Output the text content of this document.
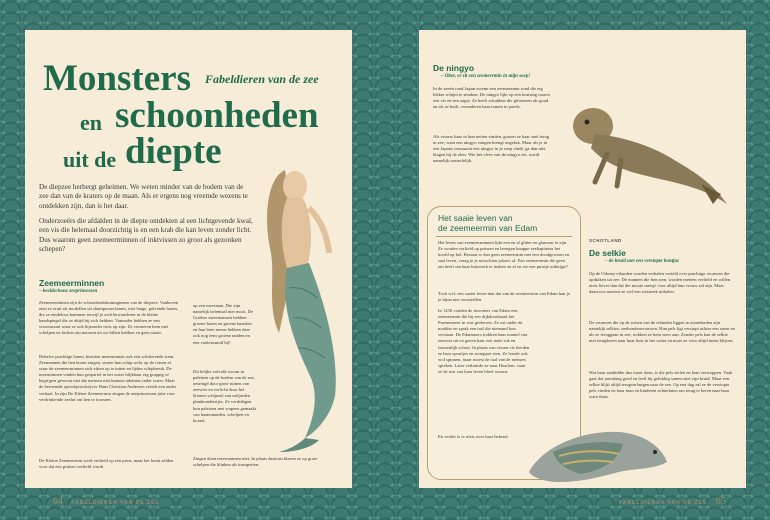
Monsters Fabeldieren van de zee
en schoonheden
uit de diepte

De diepzee herbergt geheimen. We weten minder van de bodem van de zee dan van de kraters op de maan. Als er ergens nog vreemde wezens te ontdekken zijn, dan is het daar.

Onderzoeërs die afdalden in de diepte ontdekten al een lichtgevende kwal, een vis die helemaal doorzichtig is en een krab die kan leven zonder licht. Dus waarom geen zeemeerminnen of inktvissen zo groot als gezonken schepen?

Zeemeerminnen
– beeldschone zeeprinsessen

Zeemeerminnen zijn de schoonheidskoninginnen van de diepzee. Vanboven zien ze eruit als modellen uit shampooreclames, met lange, golvende haren, die ze eindeloos kammen terwijl je zich bewonderen in de kleine handspiegel die ze altijd bij zich hebben. Vanonder hebben ze een vissenstaart waar ze ook bijzonder trots op zijn. Ze vermeren hem met schelpen en lachen om mensen uit we billen hebben en geen staart.

Behalve prachtige haren, bezitten meerminnen ook een schitterende stem. Zeemannen die hen horen zingen, sturen hun schip recht op de rotsen af waar de zeemeerminnen zich zitten op te tuiten en lijden schipbreuk. De meerminnen vinden hun gespartel in het water blijkbaar erg grappig of begrijpen gewoon niet dat mensen niet kunnen ademen onder water. Maar de beroemde sprookjesschrijver Hans Christian Andersen vertelt een ander verhaal. In zijn De Kleine Zeemeermin zingen de zeeprinsessen juist voor verdrinkende zeelui om hen te troosten.

De Kleine Zeemeermin werd verliefd op een prins, maar het komt zelden voor dat een prinses verliefd wordt

op een meerman. Die zijn namelijk helemaal niet mooi. De Griekse meermannen hebben groene haren en groene baarden en hun bree neven hebben daar ook nog eens groene tanden en een varkensmuil bij!

Dit lelijke volvolk woont in paleizen op de bodem van de zee, omringd door grote tuinen van zeewier en verlicht door het blauwe schijnsel van miljarden planktondiertjes. Ze verdedigen hun paleizen met wapens gemaakt van haaientanden, schelpen en koraal.

Zingen doen meermannen niet. In plaats daarvan blazen ze op grote schelpen die klinken als trompetten.

64 FABELDIEREN VAN DE ZEE
De ningyo
– Ober, er zit een zeemeermin in mijn soep!

In de zeeën rond Japan zwemt een zeemeermin rond die erg lekker schijnt te smaken. De ningyo lijkt op een kruising tussen een vis en een aapje. Ze heeft schubben die glinsteren als goud en als ze huilt, veranderen haar tranen in parels.

Als vissers haar in hun netten vinden, gooien ze haar snel terug in zee, want een ningyo vangen brengt ongeluk. Maar als je in een Japans restaurant een ningyo in je soep vindt, ga dan niet klagen bij de ober. Wie het vlees van de ningyo eet, wordt namelijk onsterfelijk.

Het saaie leven van
de zeemeermin van Edam

Het leven van zeemeerminnen lijkt een en al glitter en glamour te zijn. Ze worden verliefd op prinsen en brengen knappe zeekapiteins het hoofd op hol. Bestaat er dan geen zeemeermin met een doodgewoon en saai leven, vraag je je misschien jaloers af. Een zeemeermin die geen zin heeft om haar huiswerk te maken en al en toe een puistje uitknijpt?

Toch wel: een saaier leven dan dat van de zeemeermin van Edam kan je je bijna niet voorstellen.

In 1430 vonden de inwoners van Edam een zeemeermin die bij een dijkdoorbraak het Purmermeer in was gedreven. Ze zat onder de modder en sprak een taal die niemand kon verstaan. De Edammers trokken haar mantel van zeewier uit en gaven haar een nette rok en fatsoenlijk schort. In plaats van vissen vis leerden ze haar spruitjes en stamppot eten. Ze leerde ook wol spinnen, maar moest de taal van de mensen spreken. Later verhuisde ze naar Haarlem, waar ze de rest van haar leven bleef wonen.

En verder is er niets over haar bekend.

SCHOTLAND
De selkie
– de bruid met een verstopte bontjas

Op de Orkney-eilanden worden verhalen verteld over prachtige vrouwen die opduiken uit zee. De mannen die hen zien, worden meteen verliefd en willen niets liever dan dat die mooie meisje voor altijd hun vrouw zal zijn. Maar daarvoor moeten ze wel een rotstreek uithalen.

De vrouwen die op de rotsen van de eilanden liggen te zonnebaden zijn namelijk selkies: zeehondenvrouwen. Hun pels ligt verstopt achter een steen en als ze teruggaan in zee, trekken ze hem weer aan. Zonder pels kan de selkie niet terugkeren naar haar huis in het water en moet ze voor altijd mens blijven.

Wat haar aanbidder dus moet doen, is die pels stelen en hem verstoppen. Vaak gaat dat jarenlang goed en leeft hij gelukkig samen met zijn bruid. Maar een selkie blijft altijd terugverlangen naar de zee. Op een dag zal ze de verstopte pels vinden en haar man en kinderen achterlaten om terug te keren naar haar ware thuis.

FABELDIEREN VAN DE ZEE 65
